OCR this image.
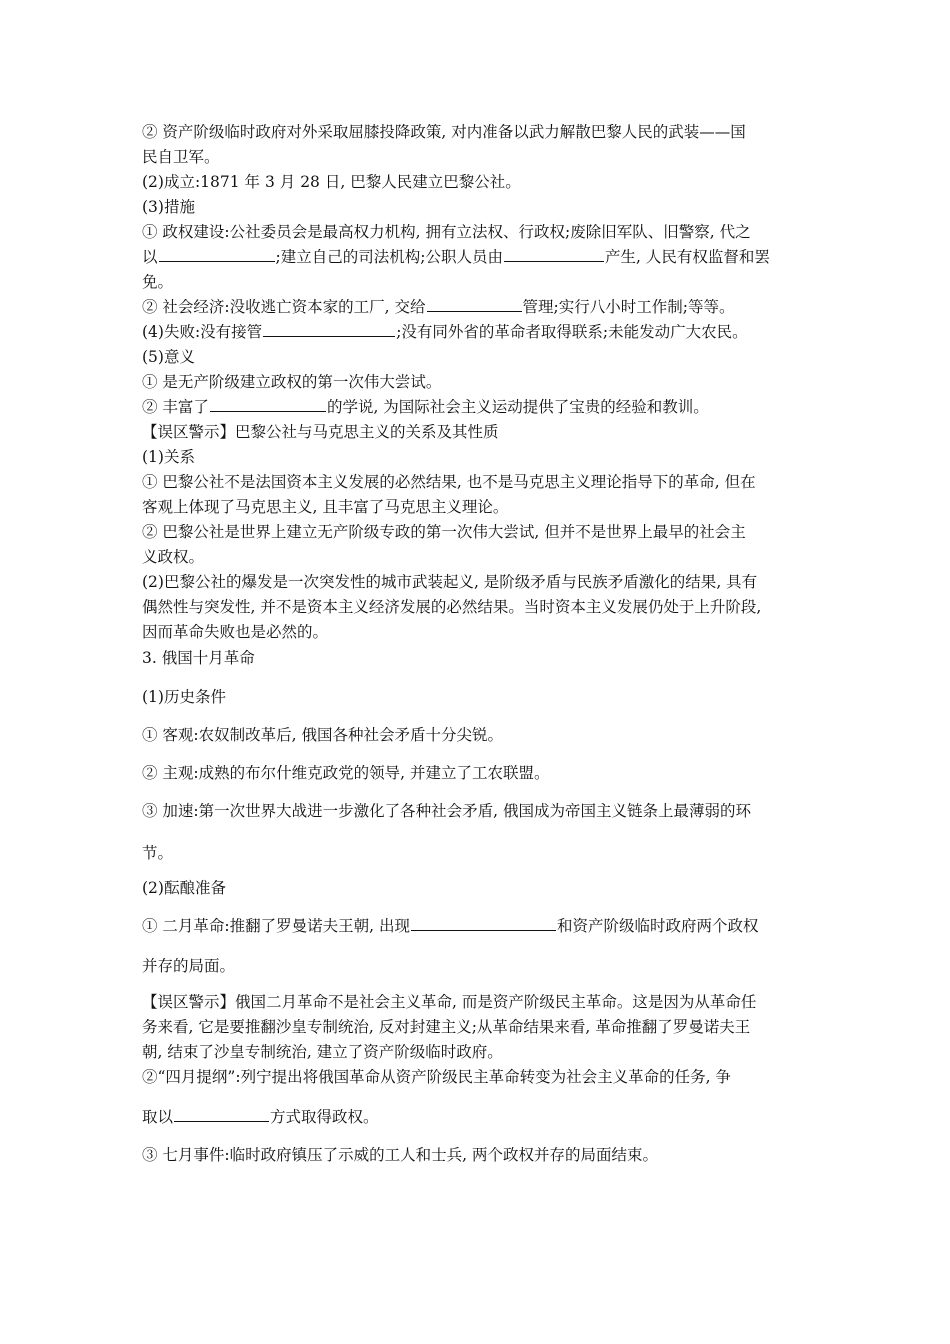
② 资产阶级临时政府对外采取屈膝投降政策, 对内准备以武力解散巴黎人民的武装——国
民自卫军。
(2)成立:1871 年 3 月 28 日, 巴黎人民建立巴黎公社。
(3)措施
① 政权建设:公社委员会是最高权力机构, 拥有立法权、行政权;废除旧军队、旧警察, 代之
以	;建立自己的司法机构;公职人员由	产生, 人民有权监督和罢
免。
② 社会经济:没收逃亡资本家的工厂, 交给	管理;实行八小时工作制;等等。
(4)失败:没有接管	;没有同外省的革命者取得联系;未能发动广大农民。
(5)意义
① 是无产阶级建立政权的第一次伟大尝试。
② 丰富了	的学说, 为国际社会主义运动提供了宝贵的经验和教训。
【误区警示】巴黎公社与马克思主义的关系及其性质
(1)关系
① 巴黎公社不是法国资本主义发展的必然结果, 也不是马克思主义理论指导下的革命, 但在
客观上体现了马克思主义, 且丰富了马克思主义理论。
② 巴黎公社是世界上建立无产阶级专政的第一次伟大尝试, 但并不是世界上最早的社会主
义政权。
(2)巴黎公社的爆发是一次突发性的城市武装起义, 是阶级矛盾与民族矛盾激化的结果, 具有
偶然性与突发性, 并不是资本主义经济发展的必然结果。当时资本主义发展仍处于上升阶段,
因而革命失败也是必然的。
3. 俄国十月革命
(1)历史条件
① 客观:农奴制改革后, 俄国各种社会矛盾十分尖锐。
② 主观:成熟的布尔什维克政党的领导, 并建立了工农联盟。
③ 加速:第一次世界大战进一步激化了各种社会矛盾, 俄国成为帝国主义链条上最薄弱的环
节。
(2)酝酿准备
① 二月革命:推翻了罗曼诺夫王朝, 出现	和资产阶级临时政府两个政权
并存的局面。
【误区警示】俄国二月革命不是社会主义革命, 而是资产阶级民主革命。这是因为从革命任
务来看, 它是要推翻沙皇专制统治, 反对封建主义;从革命结果来看, 革命推翻了罗曼诺夫王
朝, 结束了沙皇专制统治, 建立了资产阶级临时政府。
②“四月提纲”:列宁提出将俄国革命从资产阶级民主革命转变为社会主义革命的任务, 争
取以	方式取得政权。
③ 七月事件:临时政府镇压了示威的工人和士兵, 两个政权并存的局面结束。
